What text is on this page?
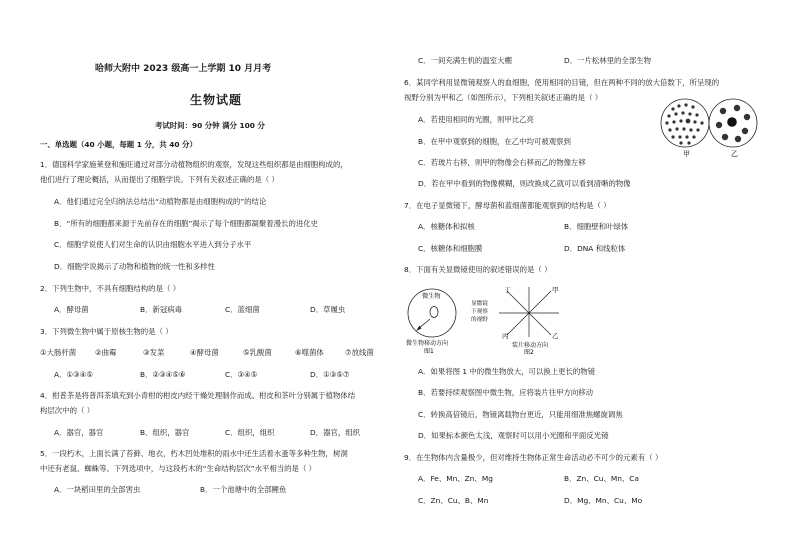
哈师大附中 2023 级高一上学期 10 月月考
生物试题
考试时间：90 分钟 满分 100 分
一、单选题（40 小题，每题 1 分，共 40 分）
1．德国科学家施莱登和施旺通过对部分动植物组织的观察，发现这些组织都是由细胞构成的，
他们进行了理论概括，从而提出了细胞学说。下列有关叙述正确的是（ ）
A．他们通过完全归纳法总结出“动植物都是由细胞构成的”的结论
B．“所有的细胞都来源于先前存在的细胞”揭示了每个细胞都凝聚着漫长的进化史
C．细胞学说使人们对生命的认识由细胞水平进入到分子水平
D．细胞学说揭示了动物和植物的统一性和多样性
2．下列生物中，不具有细胞结构的是（ ）
A．酵母菌	B．新冠病毒	C．蓝细菌	D．草履虫
3．下列微生物中属于原核生物的是（ ）
①大肠杆菌	②曲霉	③发菜	④酵母菌	⑤乳酸菌	⑥噬菌体	⑦放线菌
A．①③④⑤	B．②③④⑤⑥	C．③④⑤	D．①③⑤⑦
4．柑普茶是将普洱茶填充到小青柑的柑皮内经干燥处理制作而成。柑皮和茶叶分别属于植物体结
构层次中的（ ）
A．器官，器官	B．组织，器官	C．组织，组织	D．器官，组织
5．一段朽木，上面长满了苔藓、地衣，朽木凹处堆积的雨水中还生活着水蚤等多种生物，树洞
中还有老鼠、蜘蛛等。下列选项中，与这段朽木的“生命结构层次”水平相当的是（ ）
A．一块稻田里的全部害虫	B．一个池塘中的全部鲤鱼
C．一间充满生机的温室大棚	D．一片松林里的全部生物
6．某同学利用显微镜观察人的血细胞，使用相同的目镜，但在两种不同的放大倍数下，所呈现的
视野分别为甲和乙（如图所示），下列相关叙述正确的是（ ）
A．若使用相同的光圈，则甲比乙亮
B．在甲中观察到的细胞，在乙中均可被观察到
C．若玻片右移，则甲的物像会右移而乙的物像左移
D．若在甲中看到的物像模糊，则改换成乙就可以看到清晰的物像
甲	乙
7．在电子显微镜下，酵母菌和蓝细菌都能观察到的结构是（ ）
A．核糖体和拟核	B．细胞壁和叶绿体
C．核糖体和细胞膜	D．DNA 和线粒体
8．下面有关显微镜使用的叙述错误的是（ ）
微生物
微生物移动方向
图1
丁	甲
丙	乙
显微镜
下观察
的视野
装片移动方向
图2
A．如果将图 1 中的微生物放大，可以换上更长的物镜
B．若要持续观察图中微生物，应将装片往甲方向移动
C．转换高倍镜后，物镜离载物台更近，只能用细准焦螺旋调焦
D．如果标本颜色太浅，观察时可以用小光圈和平面反光镜
9．在生物体内含量极少，但对维持生物体正常生命活动必不可少的元素有（ ）
A．Fe、Mn、Zn、Mg	B．Zn、Cu、Mn、Ca
C．Zn、Cu、B、Mn	D．Mg、Mn、Cu、Mo
